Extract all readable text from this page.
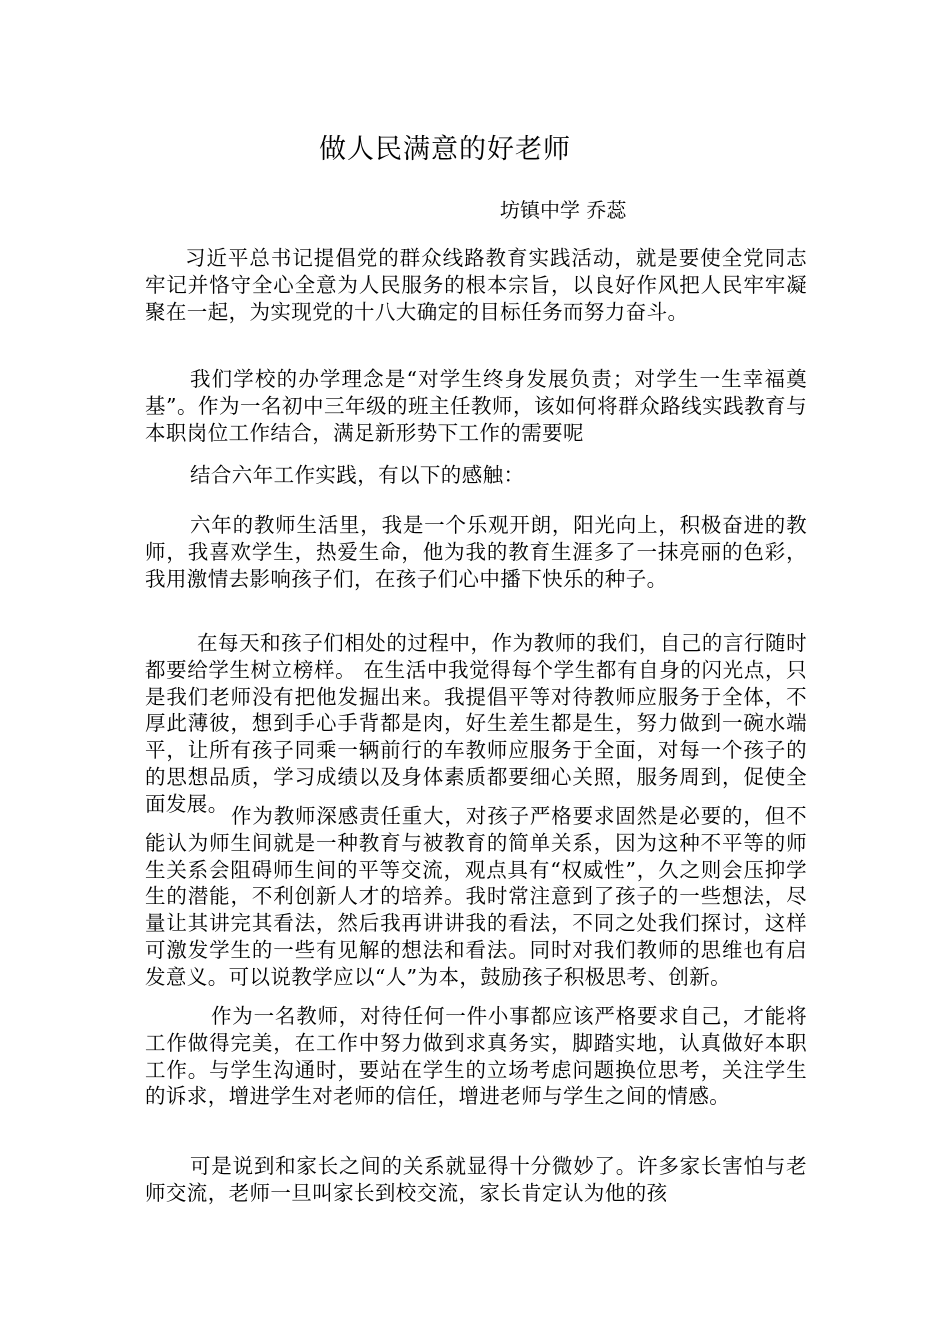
做人民满意的好老师
坊镇中学 乔蕊

习近平总书记提倡党的群众线路教育实践活动，就是要使全党同志牢记并恪守全心全意为人民服务的根本宗旨，以良好作风把人民牢牢凝聚在一起，为实现党的十八大确定的目标任务而努力奋斗。

我们学校的办学理念是“对学生终身发展负责；对学生一生幸福奠基”。作为一名初中三年级的班主任教师，该如何将群众路线实践教育与本职岗位工作结合，满足新形势下工作的需要呢

结合六年工作实践，有以下的感触：

六年的教师生活里，我是一个乐观开朗，阳光向上，积极奋进的教师，我喜欢学生，热爱生命，他为我的教育生涯多了一抹亮丽的色彩，我用激情去影响孩子们，在孩子们心中播下快乐的种子。

在每天和孩子们相处的过程中，作为教师的我们，自己的言行随时都要给学生树立榜样。 在生活中我觉得每个学生都有自身的闪光点，只是我们老师没有把他发掘出来。我提倡平等对待教师应服务于全体，不厚此薄彼，想到手心手背都是肉，好生差生都是生，努力做到一碗水端平，让所有孩子同乘一辆前行的车教师应服务于全面，对每一个孩子的的思想品质，学习成绩以及身体素质都要细心关照，服务周到，促使全面发展。

作为教师深感责任重大，对孩子严格要求固然是必要的，但不能认为师生间就是一种教育与被教育的简单关系，因为这种不平等的师生关系会阻碍师生间的平等交流，观点具有“权威性”，久之则会压抑学生的潜能，不利创新人才的培养。我时常注意到了孩子的一些想法，尽量让其讲完其看法，然后我再讲讲我的看法，不同之处我们探讨，这样可激发学生的一些有见解的想法和看法。同时对我们教师的思维也有启发意义。可以说教学应以“人”为本，鼓励孩子积极思考、创新。

作为一名教师，对待任何一件小事都应该严格要求自己，才能将工作做得完美，在工作中努力做到求真务实，脚踏实地，认真做好本职工作。与学生沟通时，要站在学生的立场考虑问题换位思考，关注学生的诉求，增进学生对老师的信任，增进老师与学生之间的情感。

可是说到和家长之间的关系就显得十分微妙了。许多家长害怕与老师交流，老师一旦叫家长到校交流，家长肯定认为他的孩
